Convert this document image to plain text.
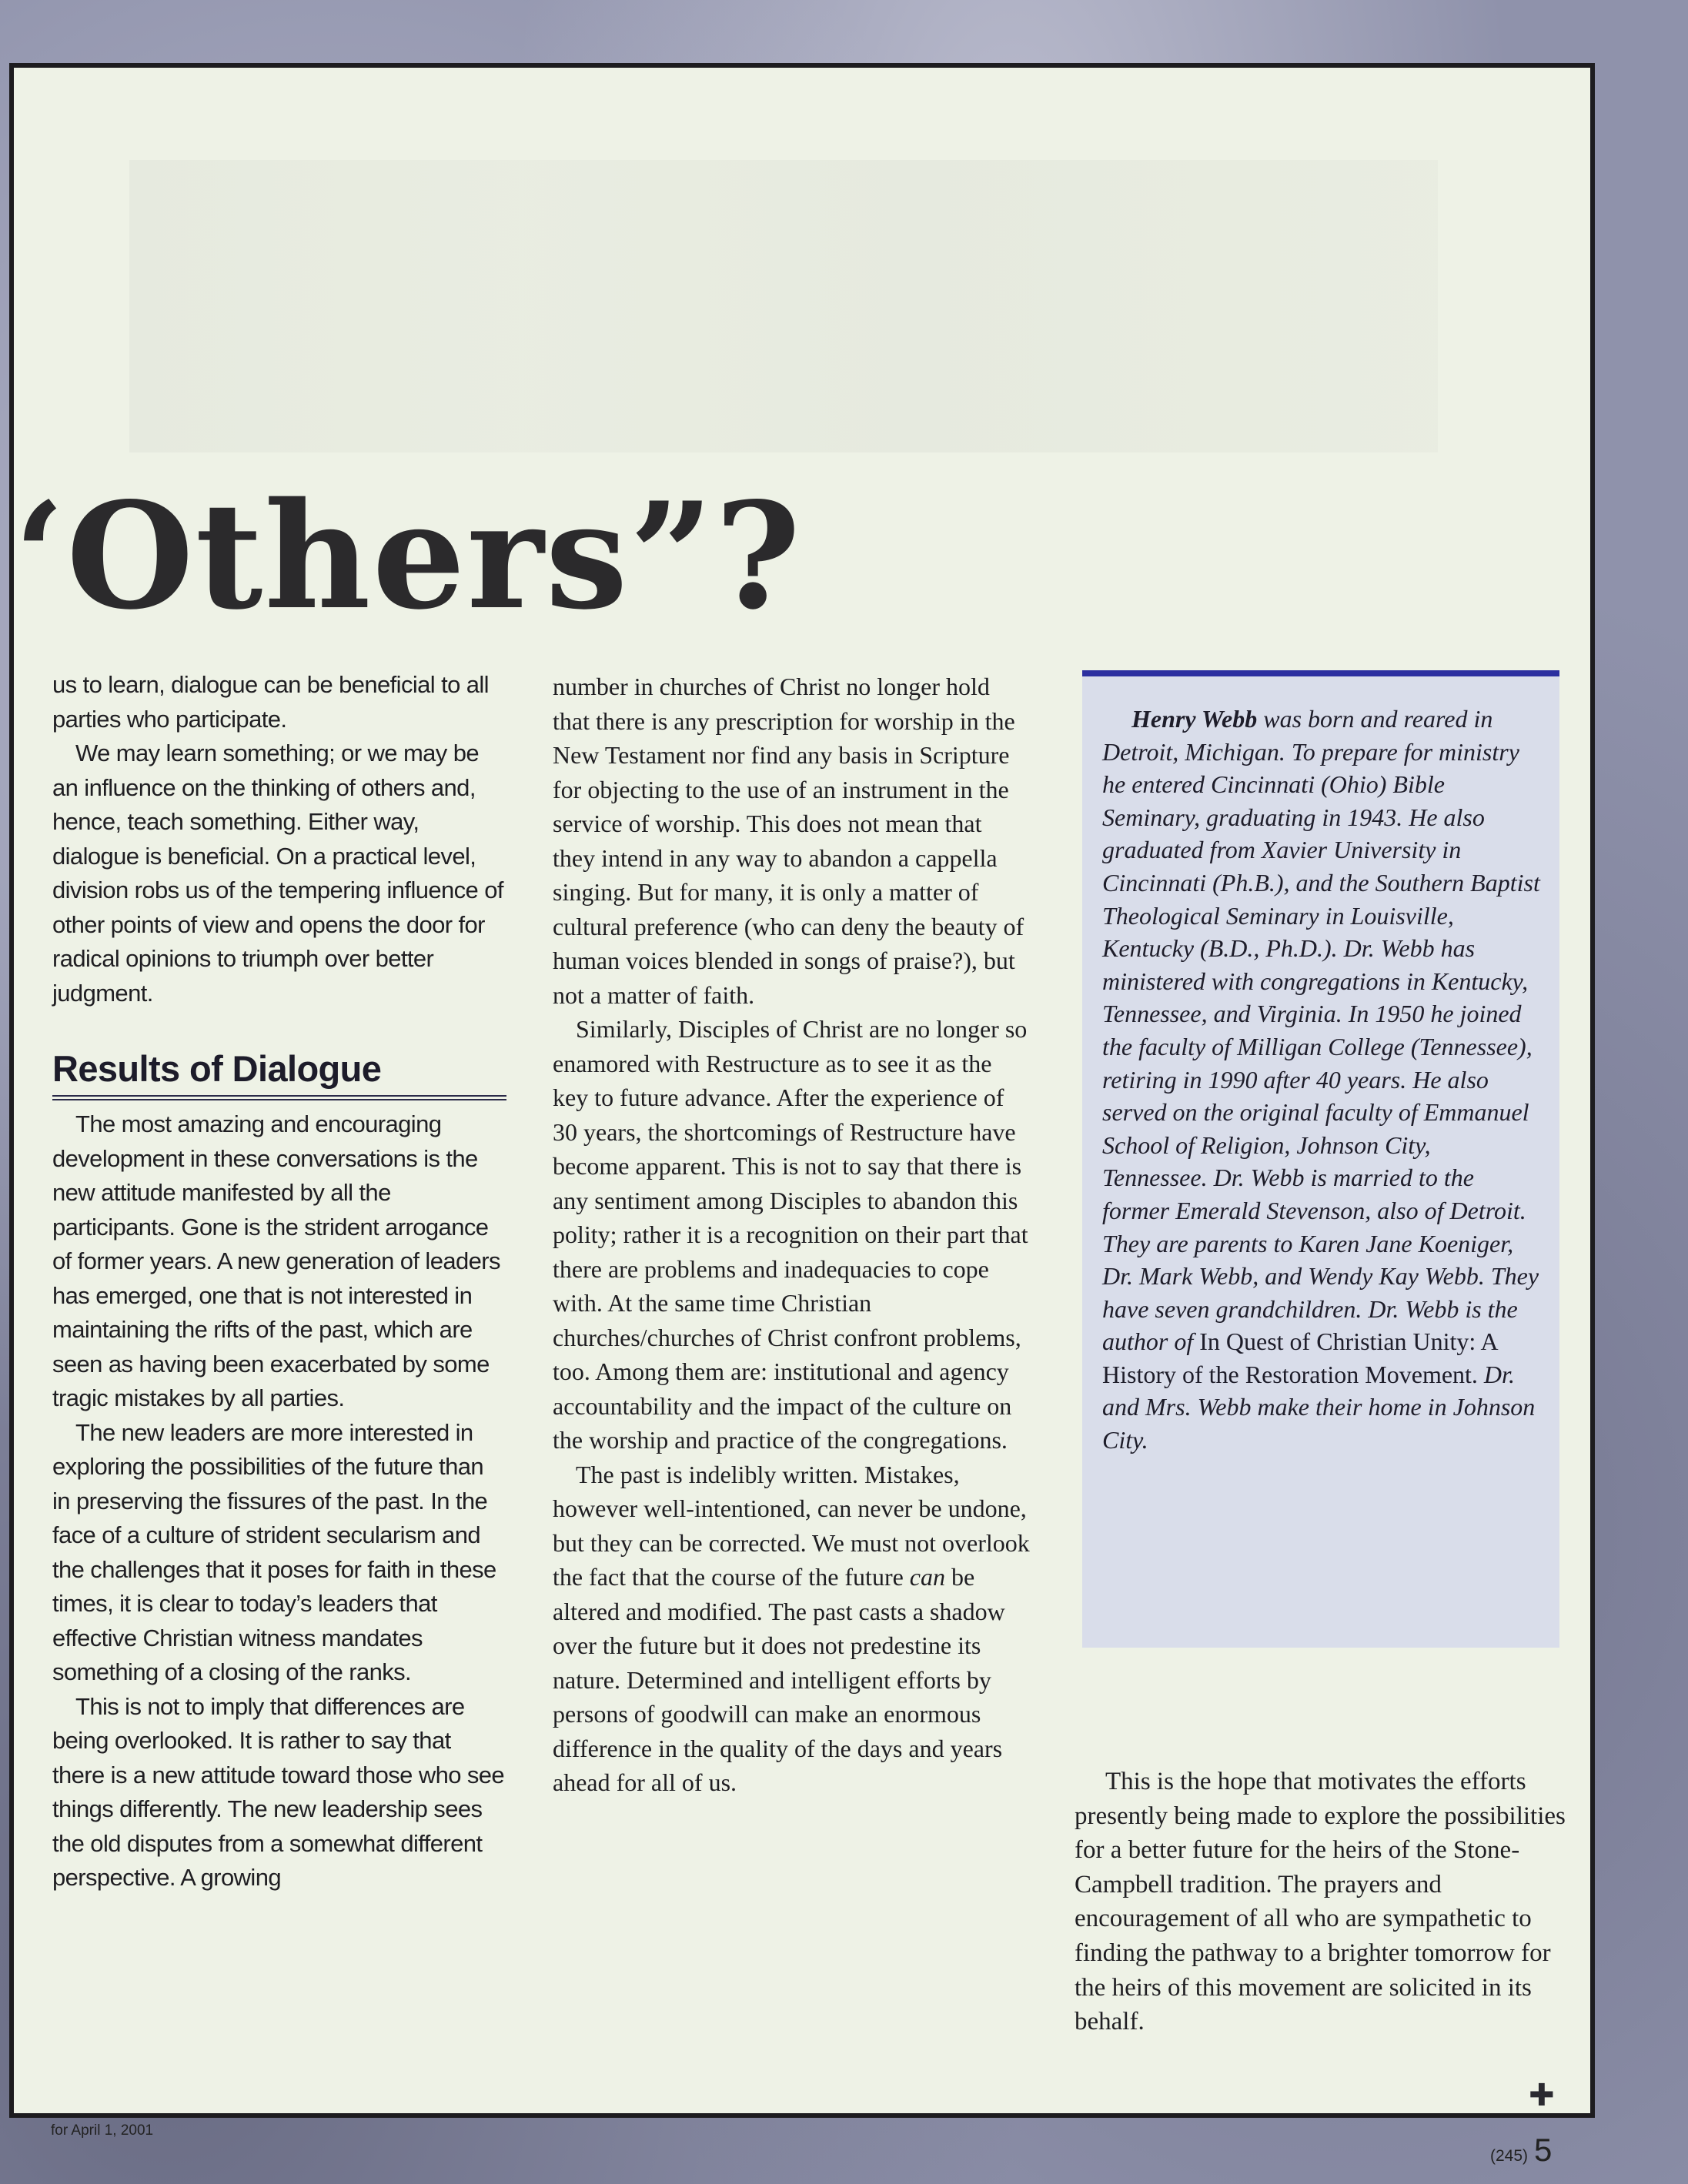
‘Others”?

us to learn, dialogue can be beneficial to all parties who participate.

We may learn something; or we may be an influence on the thinking of others and, hence, teach something. Either way, dialogue is beneficial. On a practical level, division robs us of the tempering influence of other points of view and opens the door for radical opinions to triumph over better judgment.

Results of Dialogue

The most amazing and encouraging development in these conversations is the new attitude manifested by all the participants. Gone is the strident arrogance of former years. A new generation of leaders has emerged, one that is not interested in maintaining the rifts of the past, which are seen as having been exacerbated by some tragic mistakes by all parties.

The new leaders are more interested in exploring the possibilities of the future than in preserving the fissures of the past. In the face of a culture of strident secularism and the challenges that it poses for faith in these times, it is clear to today’s leaders that effective Christian witness mandates something of a closing of the ranks.

This is not to imply that differences are being overlooked. It is rather to say that there is a new attitude toward those who see things differently. The new leadership sees the old disputes from a somewhat different perspective. A growing

number in churches of Christ no longer hold that there is any prescription for worship in the New Testament nor find any basis in Scripture for objecting to the use of an instrument in the service of worship. This does not mean that they intend in any way to abandon a cappella singing. But for many, it is only a matter of cultural preference (who can deny the beauty of human voices blended in songs of praise?), but not a matter of faith.

Similarly, Disciples of Christ are no longer so enamored with Restructure as to see it as the key to future advance. After the experience of 30 years, the shortcomings of Restructure have become apparent. This is not to say that there is any sentiment among Disciples to abandon this polity; rather it is a recognition on their part that there are problems and inadequacies to cope with. At the same time Christian churches/churches of Christ confront problems, too. Among them are: institutional and agency accountability and the impact of the culture on the worship and practice of the congregations.

The past is indelibly written. Mistakes, however well-intentioned, can never be undone, but they can be corrected. We must not overlook the fact that the course of the future can be altered and modified. The past casts a shadow over the future but it does not predestine its nature. Determined and intelligent efforts by persons of goodwill can make an enormous difference in the quality of the days and years ahead for all of us.

Henry Webb was born and reared in Detroit, Michigan. To prepare for ministry he entered Cincinnati (Ohio) Bible Seminary, graduating in 1943. He also graduated from Xavier University in Cincinnati (Ph.B.), and the Southern Baptist Theological Seminary in Louisville, Kentucky (B.D., Ph.D.). Dr. Webb has ministered with congregations in Kentucky, Tennessee, and Virginia. In 1950 he joined the faculty of Milligan College (Tennessee), retiring in 1990 after 40 years. He also served on the original faculty of Emmanuel School of Religion, Johnson City, Tennessee. Dr. Webb is married to the former Emerald Stevenson, also of Detroit. They are parents to Karen Jane Koeniger, Dr. Mark Webb, and Wendy Kay Webb. They have seven grandchildren. Dr. Webb is the author of In Quest of Christian Unity: A History of the Restoration Movement. Dr. and Mrs. Webb make their home in Johnson City.

This is the hope that motivates the efforts presently being made to explore the possibilities for a better future for the heirs of the Stone-Campbell tradition. The prayers and encouragement of all who are sympathetic to finding the pathway to a brighter tomorrow for the heirs of this movement are solicited in its behalf.

✚
for April 1, 2001
(245) 5
